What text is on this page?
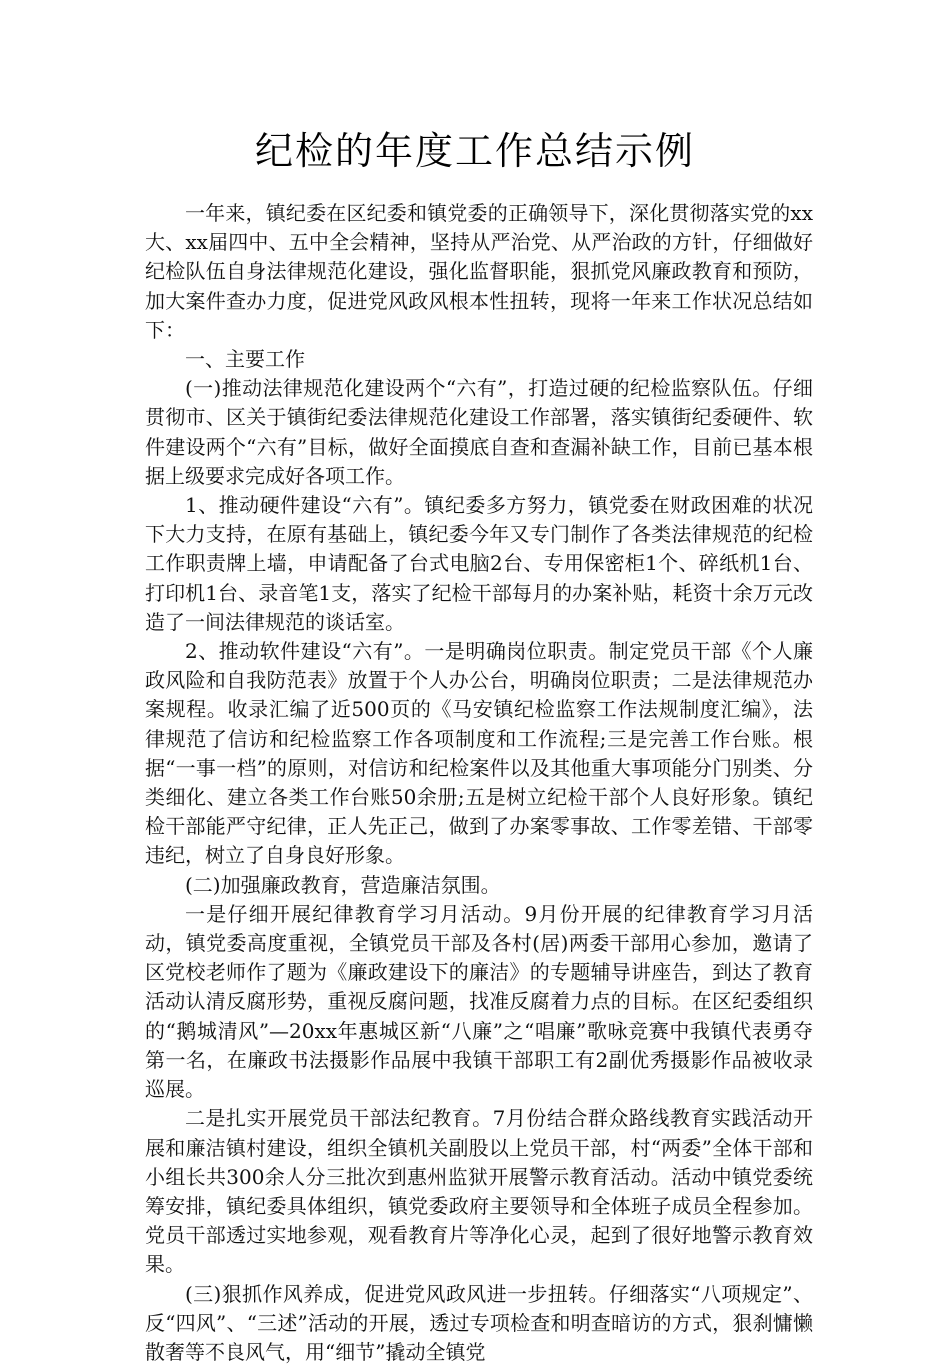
纪检的年度工作总结示例

一年来，镇纪委在区纪委和镇党委的正确领导下，深化贯彻落实党的xx大、xx届四中、五中全会精神，坚持从严治党、从严治政的方针，仔细做好纪检队伍自身法律规范化建设，强化监督职能，狠抓党风廉政教育和预防，加大案件查办力度，促进党风政风根本性扭转，现将一年来工作状况总结如下：

一、主要工作

(一)推动法律规范化建设两个“六有”，打造过硬的纪检监察队伍。仔细贯彻市、区关于镇街纪委法律规范化建设工作部署，落实镇街纪委硬件、软件建设两个“六有”目标，做好全面摸底自查和查漏补缺工作，目前已基本根据上级要求完成好各项工作。

1、推动硬件建设“六有”。镇纪委多方努力，镇党委在财政困难的状况下大力支持，在原有基础上，镇纪委今年又专门制作了各类法律规范的纪检工作职责牌上墙，申请配备了台式电脑2台、专用保密柜1个、碎纸机1台、打印机1台、录音笔1支，落实了纪检干部每月的办案补贴，耗资十余万元改造了一间法律规范的谈话室。

2、推动软件建设“六有”。一是明确岗位职责。制定党员干部《个人廉政风险和自我防范表》放置于个人办公台，明确岗位职责；二是法律规范办案规程。收录汇编了近500页的《马安镇纪检监察工作法规制度汇编》，法律规范了信访和纪检监察工作各项制度和工作流程;三是完善工作台账。根据“一事一档”的原则，对信访和纪检案件以及其他重大事项能分门别类、分类细化、建立各类工作台账50余册;五是树立纪检干部个人良好形象。镇纪检干部能严守纪律，正人先正己，做到了办案零事故、工作零差错、干部零违纪，树立了自身良好形象。

(二)加强廉政教育，营造廉洁氛围。

一是仔细开展纪律教育学习月活动。9月份开展的纪律教育学习月活动，镇党委高度重视，全镇党员干部及各村(居)两委干部用心参加，邀请了区党校老师作了题为《廉政建设下的廉洁》的专题辅导讲座告，到达了教育活动认清反腐形势，重视反腐问题，找准反腐着力点的目标。在区纪委组织的“鹅城清风”—20xx年惠城区新“八廉”之“唱廉”歌咏竞赛中我镇代表勇夺第一名，在廉政书法摄影作品展中我镇干部职工有2副优秀摄影作品被收录巡展。

二是扎实开展党员干部法纪教育。7月份结合群众路线教育实践活动开展和廉洁镇村建设，组织全镇机关副股以上党员干部，村“两委”全体干部和小组长共300余人分三批次到惠州监狱开展警示教育活动。活动中镇党委统筹安排，镇纪委具体组织，镇党委政府主要领导和全体班子成员全程参加。党员干部透过实地参观，观看教育片等净化心灵，起到了很好地警示教育效果。

(三)狠抓作风养成，促进党风政风进一步扭转。仔细落实“八项规定”、反“四风”、“三述”活动的开展，透过专项检查和明查暗访的方式，狠刹慵懒散奢等不良风气，用“细节”撬动全镇党
